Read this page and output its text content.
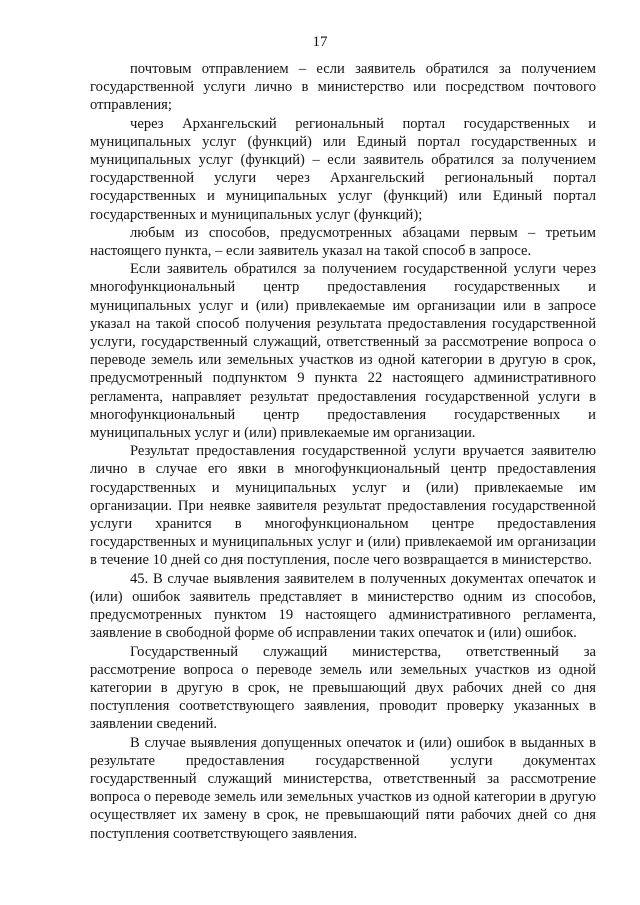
17

почтовым отправлением – если заявитель обратился за получением государственной услуги лично в министерство или посредством почтового отправления;

через Архангельский региональный портал государственных и муниципальных услуг (функций) или Единый портал государственных и муниципальных услуг (функций) – если заявитель обратился за получением государственной услуги через Архангельский региональный портал государственных и муниципальных услуг (функций) или Единый портал государственных и муниципальных услуг (функций);

любым из способов, предусмотренных абзацами первым – третьим настоящего пункта, – если заявитель указал на такой способ в запросе.

Если заявитель обратился за получением государственной услуги через многофункциональный центр предоставления государственных и муниципальных услуг и (или) привлекаемые им организации или в запросе указал на такой способ получения результата предоставления государственной услуги, государственный служащий, ответственный за рассмотрение вопроса о переводе земель или земельных участков из одной категории в другую в срок, предусмотренный подпунктом 9 пункта 22 настоящего административного регламента, направляет результат предоставления государственной услуги в многофункциональный центр предоставления государственных и муниципальных услуг и (или) привлекаемые им организации.

Результат предоставления государственной услуги вручается заявителю лично в случае его явки в многофункциональный центр предоставления государственных и муниципальных услуг и (или) привлекаемые им организации. При неявке заявителя результат предоставления государственной услуги хранится в многофункциональном центре предоставления государственных и муниципальных услуг и (или) привлекаемой им организации в течение 10 дней со дня поступления, после чего возвращается в министерство.

45. В случае выявления заявителем в полученных документах опечаток и (или) ошибок заявитель представляет в министерство одним из способов, предусмотренных пунктом 19 настоящего административного регламента, заявление в свободной форме об исправлении таких опечаток и (или) ошибок.

Государственный служащий министерства, ответственный за рассмотрение вопроса о переводе земель или земельных участков из одной категории в другую в срок, не превышающий двух рабочих дней со дня поступления соответствующего заявления, проводит проверку указанных в заявлении сведений.

В случае выявления допущенных опечаток и (или) ошибок в выданных в результате предоставления государственной услуги документах государственный служащий министерства, ответственный за рассмотрение вопроса о переводе земель или земельных участков из одной категории в другую осуществляет их замену в срок, не превышающий пяти рабочих дней со дня поступления соответствующего заявления.
